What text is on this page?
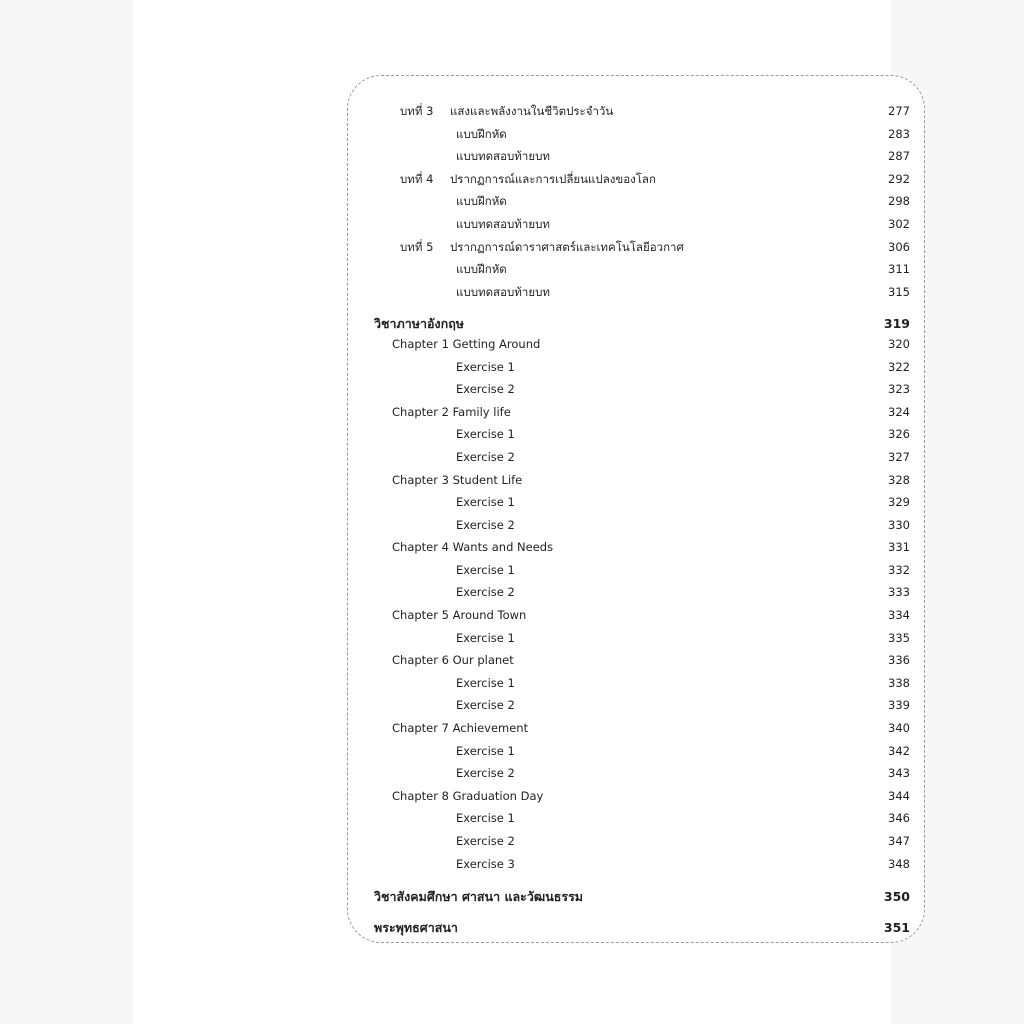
บทที่ 3	แสงและพลังงานในชีวิตประจำวัน	277
แบบฝึกหัด	283
แบบทดสอบท้ายบท	287
บทที่ 4	ปรากฏการณ์และการเปลี่ยนแปลงของโลก	292
แบบฝึกหัด	298
แบบทดสอบท้ายบท	302
บทที่ 5	ปรากฏการณ์ดาราศาสตร์และเทคโนโลยีอวกาศ	306
แบบฝึกหัด	311
แบบทดสอบท้ายบท	315
วิชาภาษาอังกฤษ	319
Chapter 1 Getting Around	320
Exercise 1	322
Exercise 2	323
Chapter 2 Family life	324
Exercise 1	326
Exercise 2	327
Chapter 3 Student Life	328
Exercise 1	329
Exercise 2	330
Chapter 4 Wants and Needs	331
Exercise 1	332
Exercise 2	333
Chapter 5 Around Town	334
Exercise 1	335
Chapter 6 Our planet	336
Exercise 1	338
Exercise 2	339
Chapter 7 Achievement	340
Exercise 1	342
Exercise 2	343
Chapter 8 Graduation Day	344
Exercise 1	346
Exercise 2	347
Exercise 3	348
วิชาสังคมศึกษา ศาสนา และวัฒนธรรม	350
พระพุทธศาสนา	351
